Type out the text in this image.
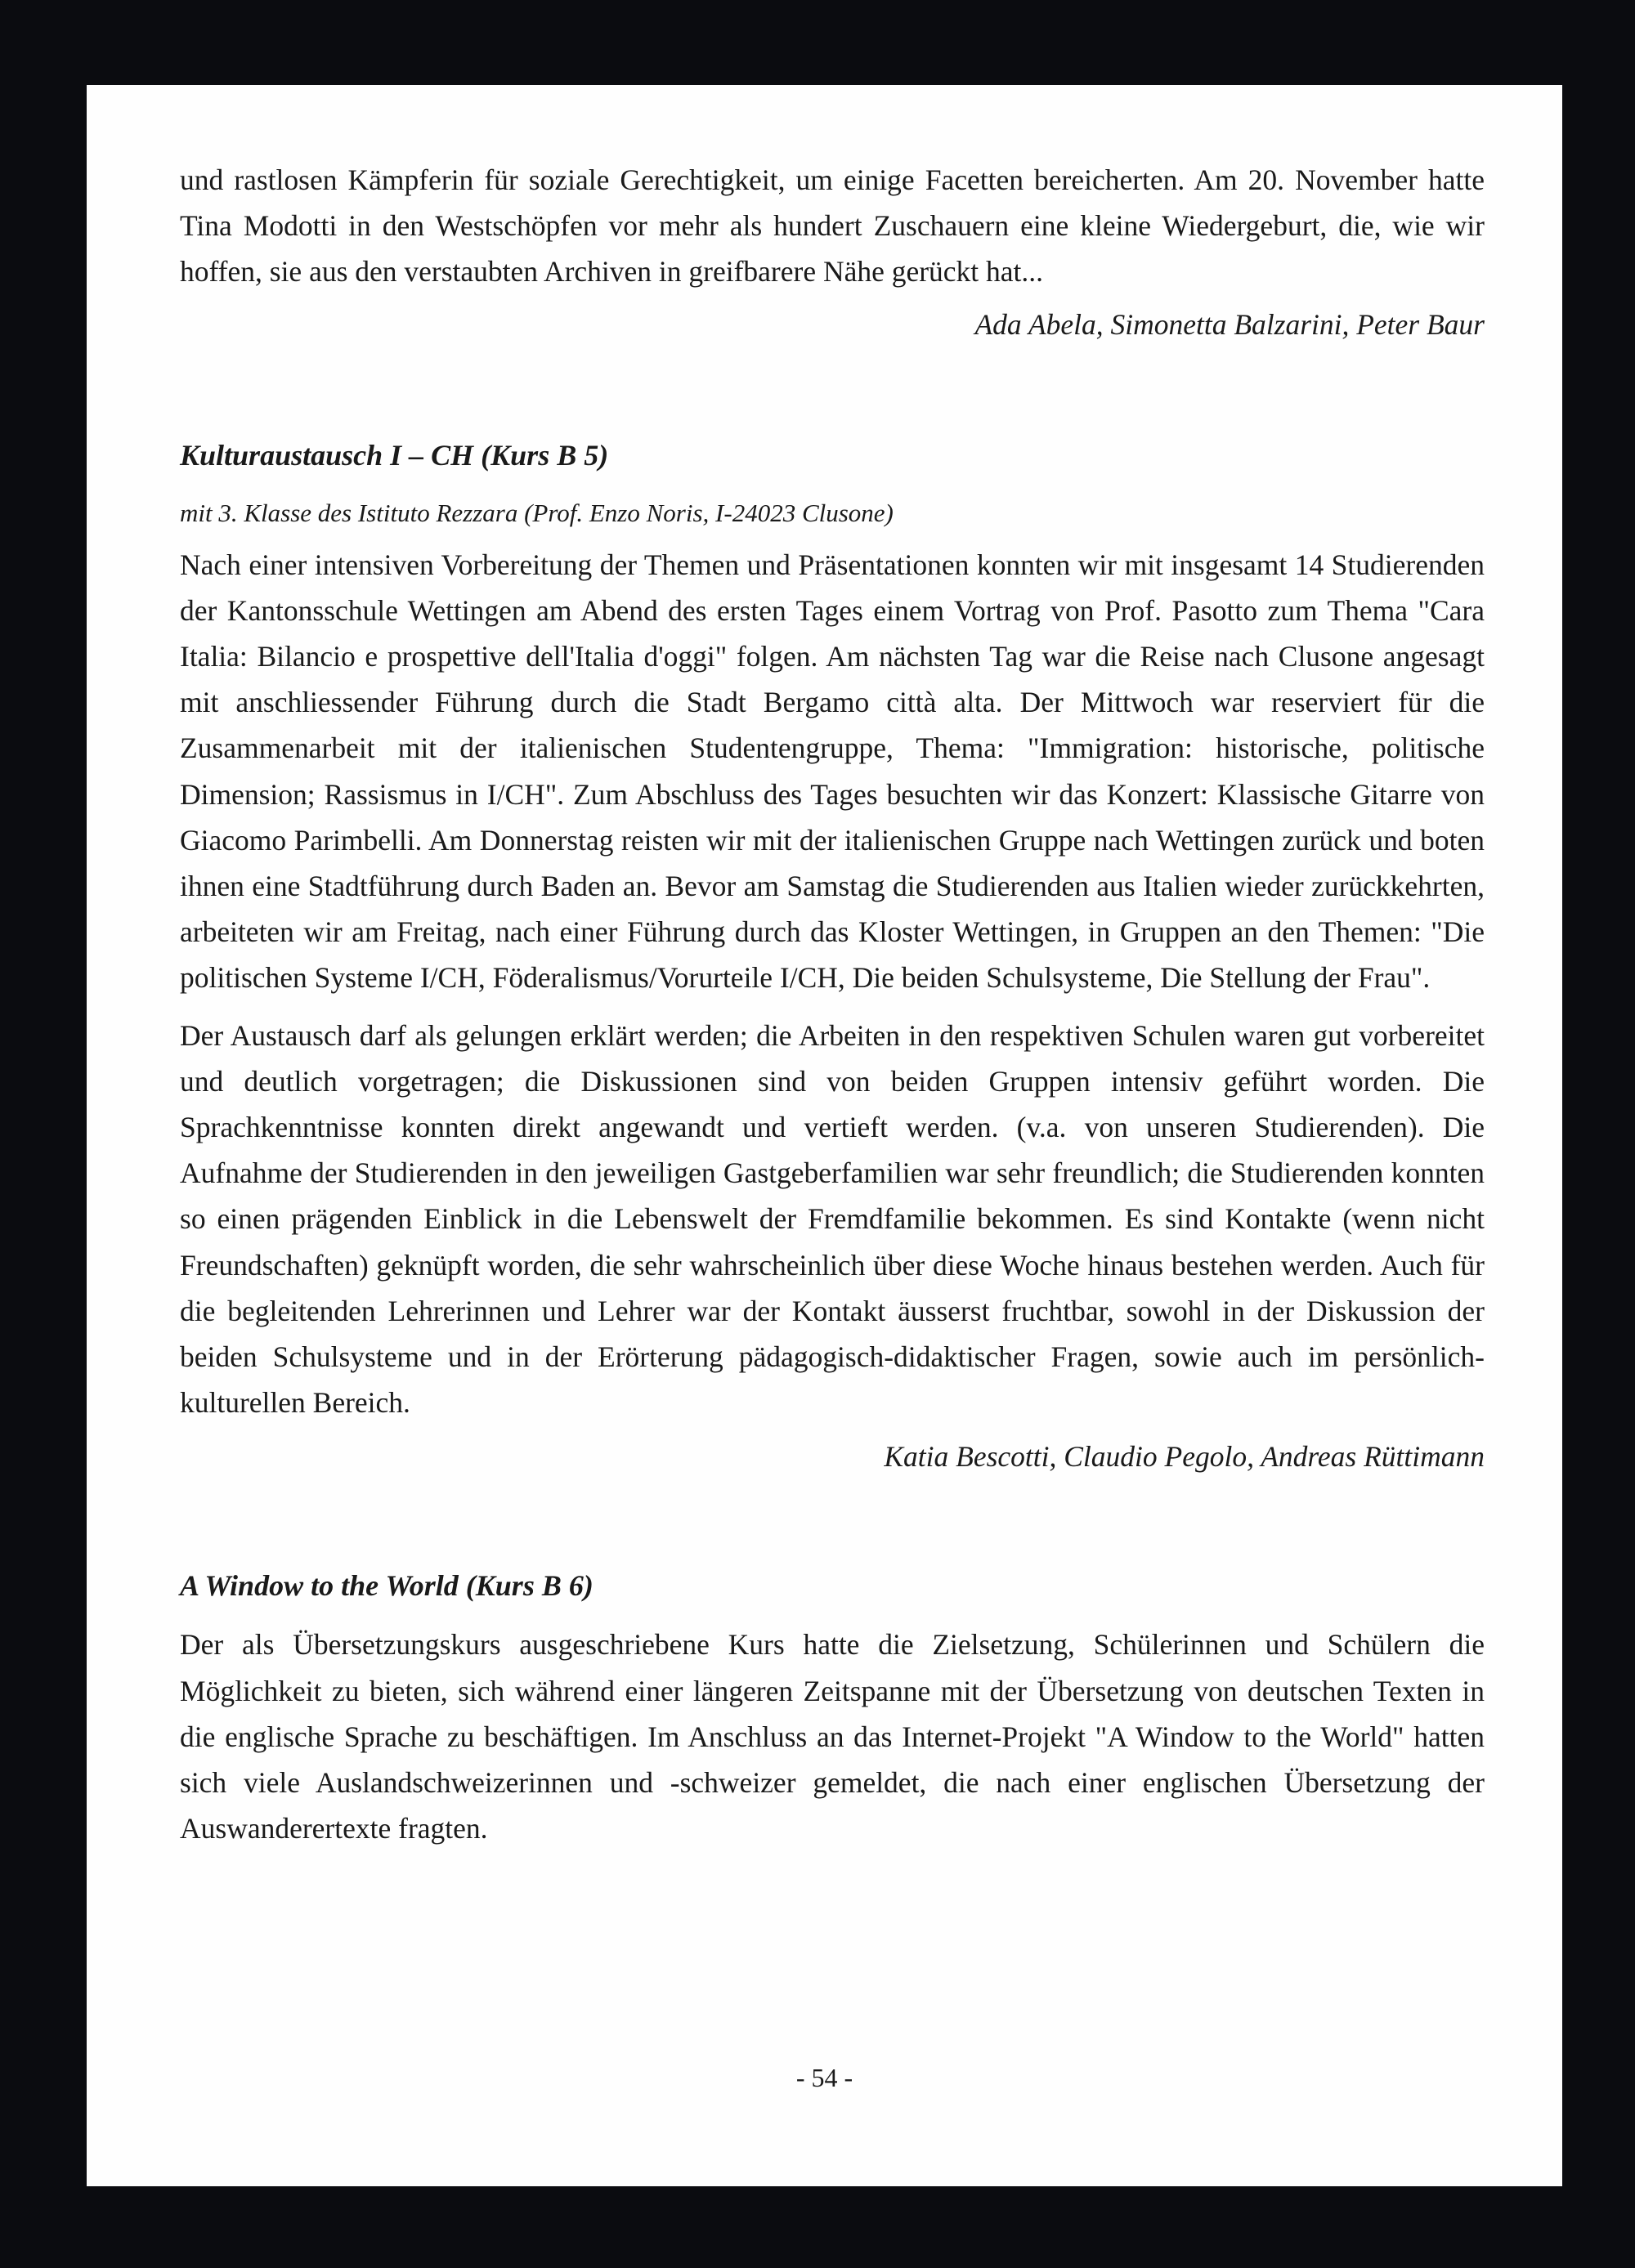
und rastlosen Kämpferin für soziale Gerechtigkeit, um einige Facetten bereicherten. Am 20. November hatte Tina Modotti in den Westschöpfen vor mehr als hundert Zuschauern eine kleine Wiedergeburt, die, wie wir hoffen, sie aus den verstaubten Archiven in greifbarere Nähe gerückt hat...

Ada Abela, Simonetta Balzarini, Peter Baur

Kulturaustausch I – CH (Kurs B 5)

mit 3. Klasse des Istituto Rezzara (Prof. Enzo Noris, I-24023 Clusone)

Nach einer intensiven Vorbereitung der Themen und Präsentationen konnten wir mit insgesamt 14 Studierenden der Kantonsschule Wettingen am Abend des ersten Tages einem Vortrag von Prof. Pasotto zum Thema "Cara Italia: Bilancio e prospettive dell'Italia d'oggi" folgen. Am nächsten Tag war die Reise nach Clusone angesagt mit anschliessender Führung durch die Stadt Bergamo città alta. Der Mittwoch war reserviert für die Zusammenarbeit mit der italienischen Studentengruppe, Thema: "Immigration: historische, politische Dimension; Rassismus in I/CH". Zum Abschluss des Tages besuchten wir das Konzert: Klassische Gitarre von Giacomo Parimbelli. Am Donnerstag reisten wir mit der italienischen Gruppe nach Wettingen zurück und boten ihnen eine Stadtführung durch Baden an. Bevor am Samstag die Studierenden aus Italien wieder zurückkehrten, arbeiteten wir am Freitag, nach einer Führung durch das Kloster Wettingen, in Gruppen an den Themen: "Die politischen Systeme I/CH, Föderalismus/Vorurteile I/CH, Die beiden Schulsysteme, Die Stellung der Frau".

Der Austausch darf als gelungen erklärt werden; die Arbeiten in den respektiven Schulen waren gut vorbereitet und deutlich vorgetragen; die Diskussionen sind von beiden Gruppen intensiv geführt worden. Die Sprachkenntnisse konnten direkt angewandt und vertieft werden. (v.a. von unseren Studierenden). Die Aufnahme der Studierenden in den jeweiligen Gastgeberfamilien war sehr freundlich; die Studierenden konnten so einen prägenden Einblick in die Lebenswelt der Fremdfamilie bekommen. Es sind Kontakte (wenn nicht Freundschaften) geknüpft worden, die sehr wahrscheinlich über diese Woche hinaus bestehen werden. Auch für die begleitenden Lehrerinnen und Lehrer war der Kontakt äusserst fruchtbar, sowohl in der Diskussion der beiden Schulsysteme und in der Erörterung pädagogisch-didaktischer Fragen, sowie auch im persönlich-kulturellen Bereich.

Katia Bescotti, Claudio Pegolo, Andreas Rüttimann

A Window to the World (Kurs B 6)

Der als Übersetzungskurs ausgeschriebene Kurs hatte die Zielsetzung, Schülerinnen und Schülern die Möglichkeit zu bieten, sich während einer längeren Zeitspanne mit der Übersetzung von deutschen Texten in die englische Sprache zu beschäftigen. Im Anschluss an das Internet-Projekt "A Window to the World" hatten sich viele Auslandschweizerinnen und -schweizer gemeldet, die nach einer englischen Übersetzung der Auswanderertexte fragten.

- 54 -
